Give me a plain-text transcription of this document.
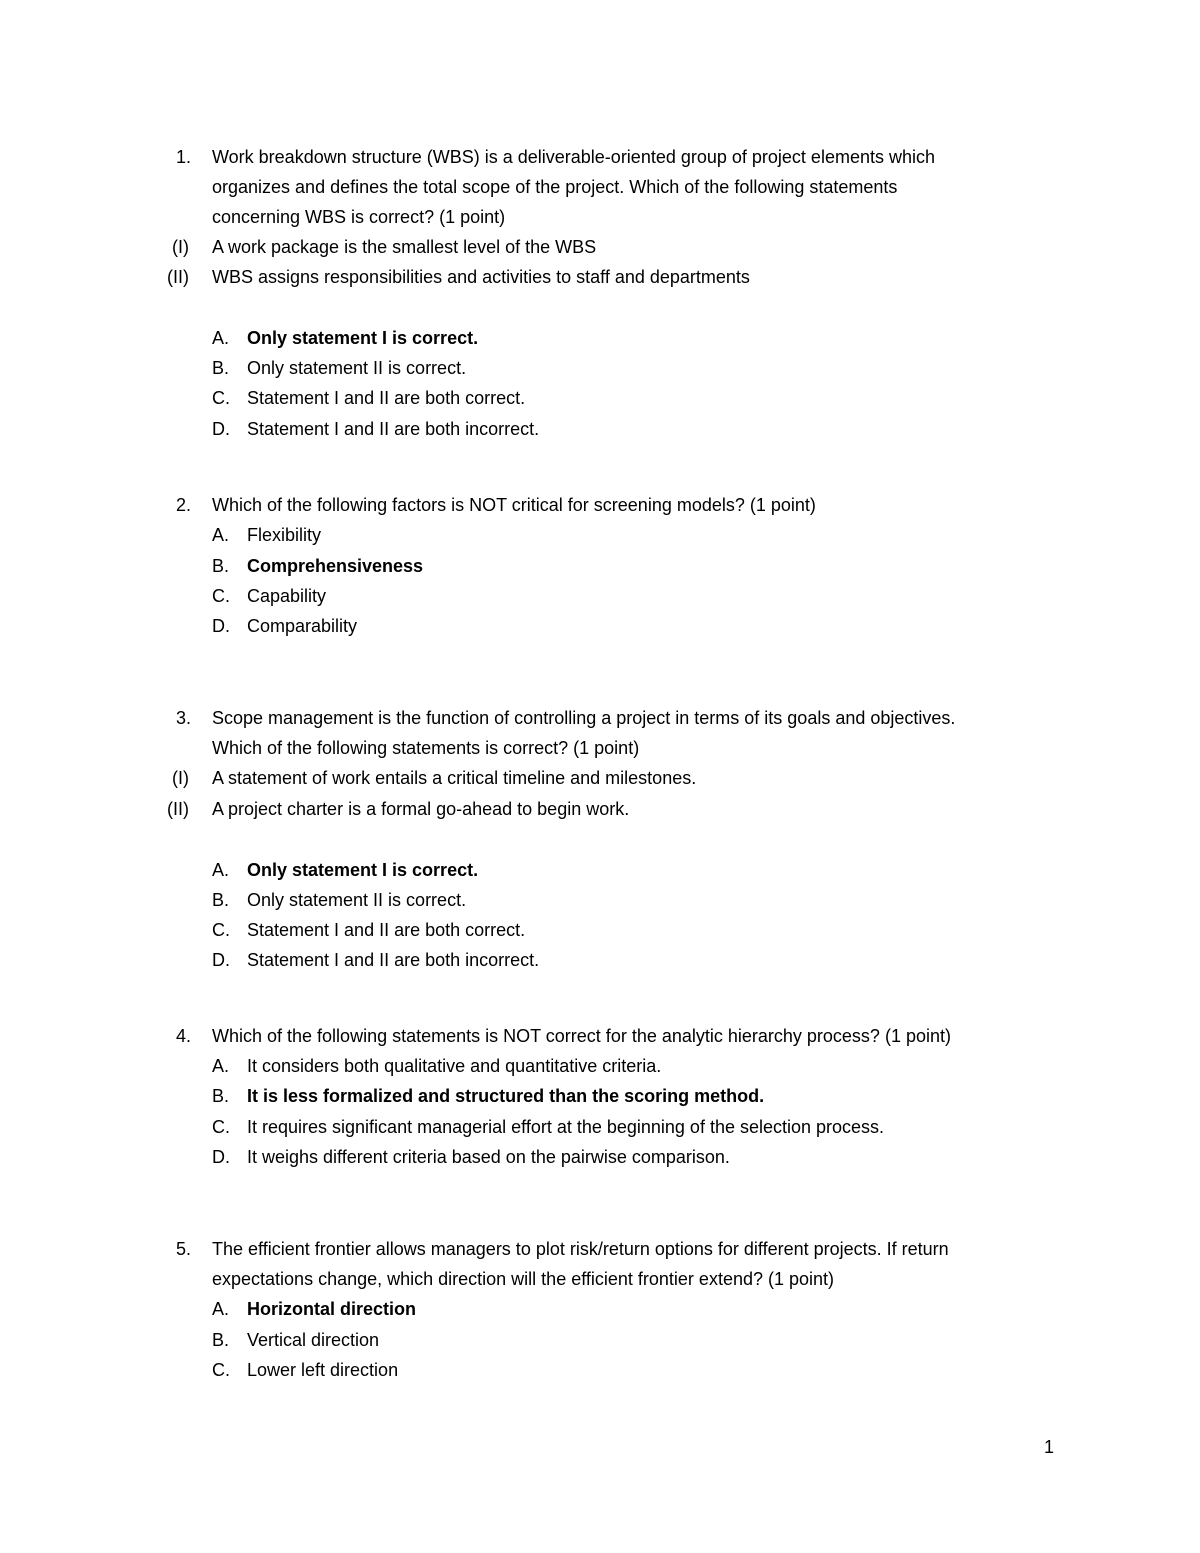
1. Work breakdown structure (WBS) is a deliverable-oriented group of project elements which
organizes and defines the total scope of the project. Which of the following statements
concerning WBS is correct? (1 point)
(I) A work package is the smallest level of the WBS
(II) WBS assigns responsibilities and activities to staff and departments
A. Only statement I is correct.
B. Only statement II is correct.
C. Statement I and II are both correct.
D. Statement I and II are both incorrect.
2. Which of the following factors is NOT critical for screening models? (1 point)
A. Flexibility
B. Comprehensiveness
C. Capability
D. Comparability
3. Scope management is the function of controlling a project in terms of its goals and objectives.
Which of the following statements is correct? (1 point)
(I) A statement of work entails a critical timeline and milestones.
(II) A project charter is a formal go-ahead to begin work.
A. Only statement I is correct.
B. Only statement II is correct.
C. Statement I and II are both correct.
D. Statement I and II are both incorrect.
4. Which of the following statements is NOT correct for the analytic hierarchy process? (1 point)
A. It considers both qualitative and quantitative criteria.
B. It is less formalized and structured than the scoring method.
C. It requires significant managerial effort at the beginning of the selection process.
D. It weighs different criteria based on the pairwise comparison.
5. The efficient frontier allows managers to plot risk/return options for different projects. If return
expectations change, which direction will the efficient frontier extend? (1 point)
A. Horizontal direction
B. Vertical direction
C. Lower left direction
1
